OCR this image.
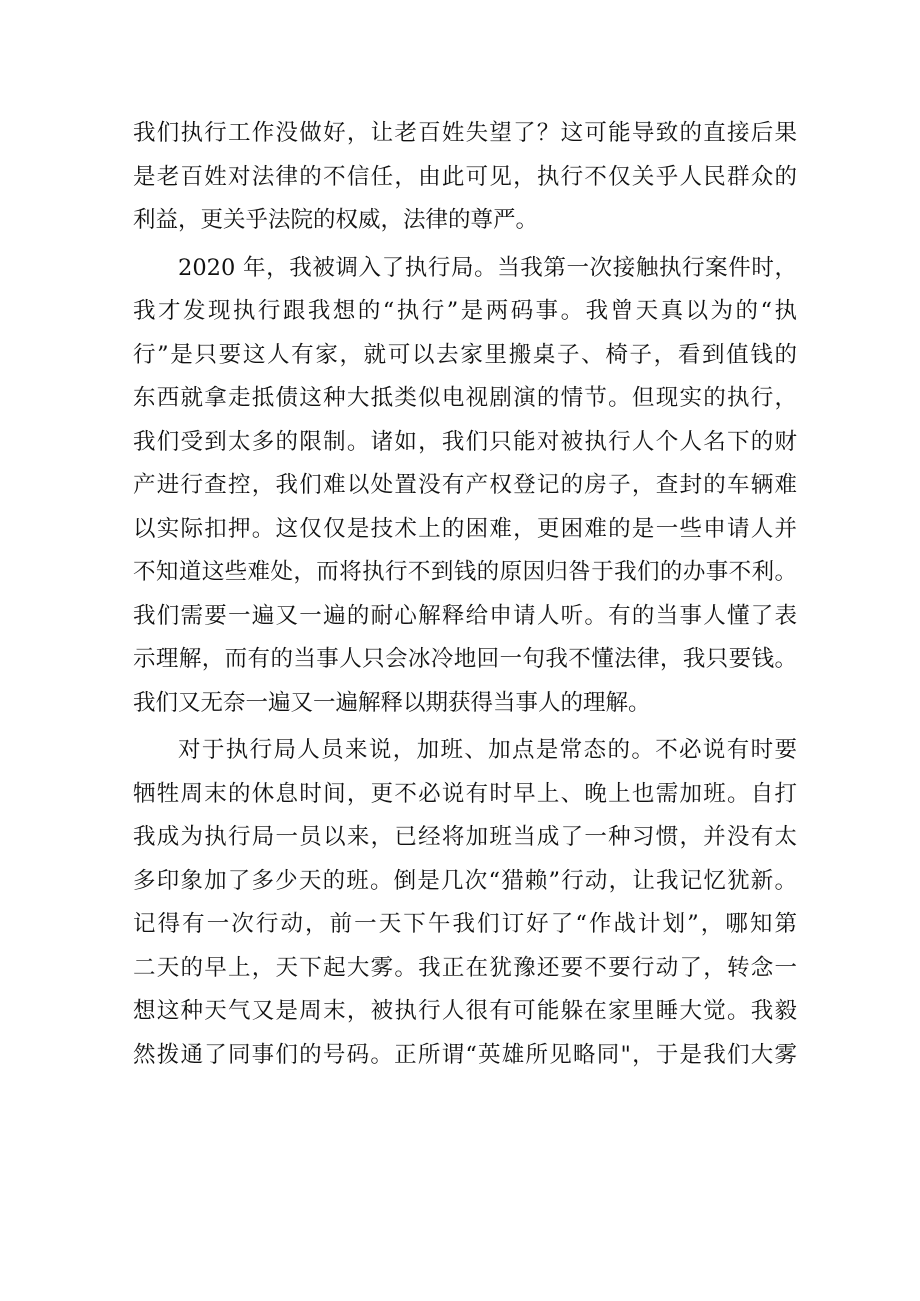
我们执行工作没做好，让老百姓失望了？这可能导致的直接后果
是老百姓对法律的不信任，由此可见，执行不仅关乎人民群众的
利益，更关乎法院的权威，法律的尊严。
2020 年，我被调入了执行局。当我第一次接触执行案件时，
我才发现执行跟我想的“执行”是两码事。我曾天真以为的“执
行”是只要这人有家，就可以去家里搬桌子、椅子，看到值钱的
东西就拿走抵债这种大抵类似电视剧演的情节。但现实的执行，
我们受到太多的限制。诸如，我们只能对被执行人个人名下的财
产进行查控，我们难以处置没有产权登记的房子，查封的车辆难
以实际扣押。这仅仅是技术上的困难，更困难的是一些申请人并
不知道这些难处，而将执行不到钱的原因归咎于我们的办事不利。
我们需要一遍又一遍的耐心解释给申请人听。有的当事人懂了表
示理解，而有的当事人只会冰冷地回一句我不懂法律，我只要钱。
我们又无奈一遍又一遍解释以期获得当事人的理解。
对于执行局人员来说，加班、加点是常态的。不必说有时要
牺牲周末的休息时间，更不必说有时早上、晚上也需加班。自打
我成为执行局一员以来，已经将加班当成了一种习惯，并没有太
多印象加了多少天的班。倒是几次“猎赖”行动，让我记忆犹新。
记得有一次行动，前一天下午我们订好了“作战计划”，哪知第
二天的早上，天下起大雾。我正在犹豫还要不要行动了，转念一
想这种天气又是周末，被执行人很有可能躲在家里睡大觉。我毅
然拨通了同事们的号码。正所谓“英雄所见略同"，于是我们大雾
